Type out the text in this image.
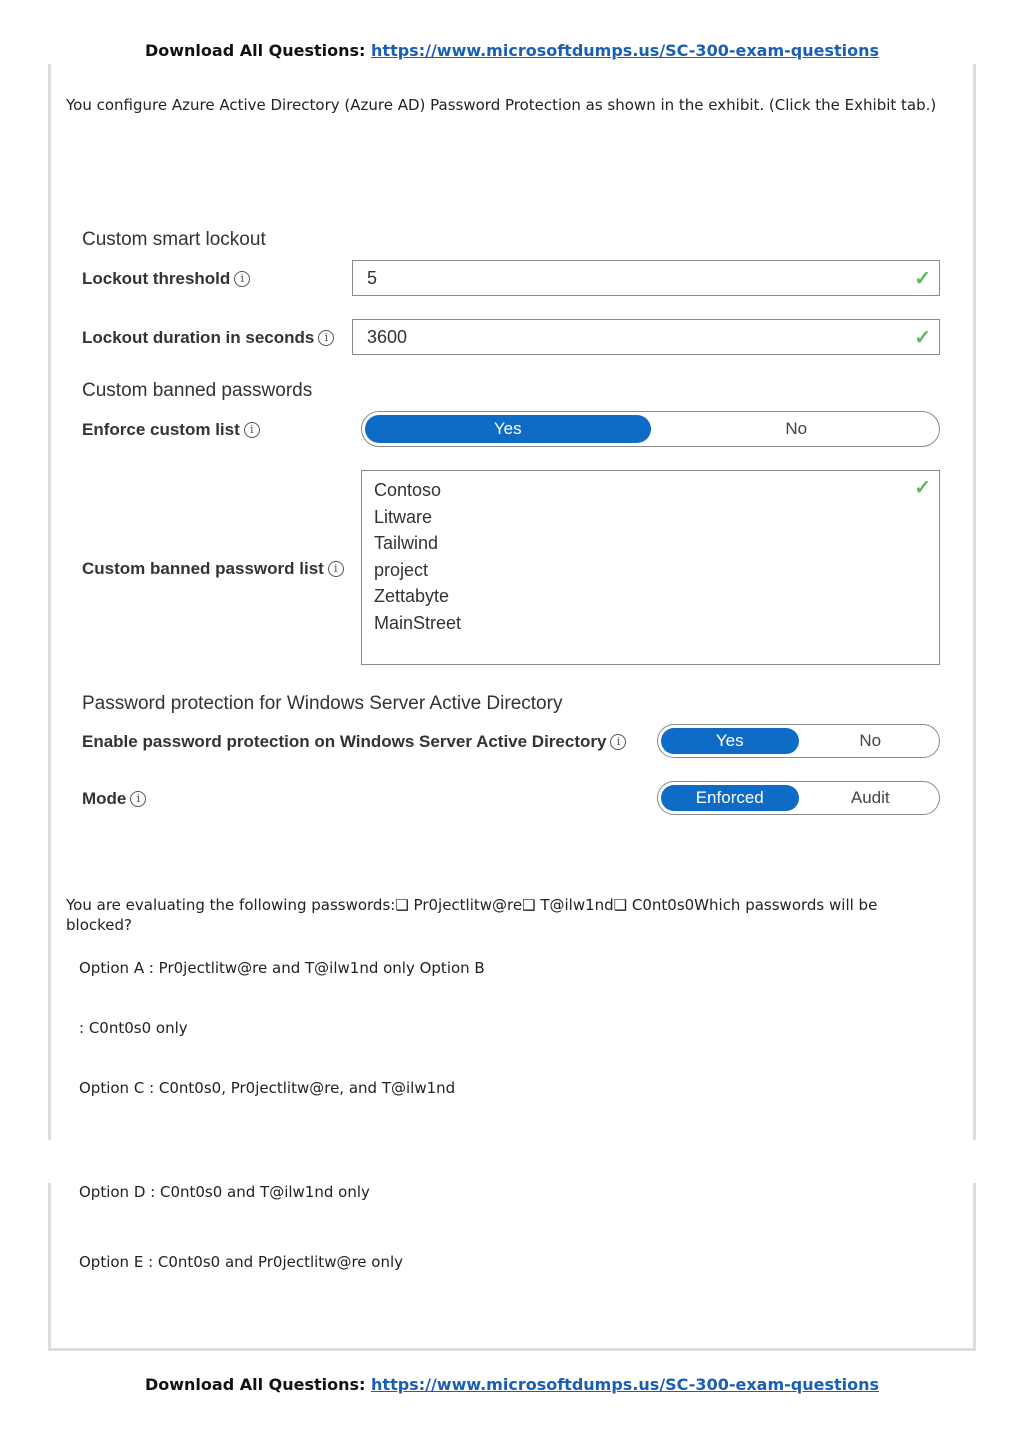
Download All Questions: https://www.microsoftdumps.us/SC-300-exam-questions
You configure Azure Active Directory (Azure AD) Password Protection as shown in the exhibit. (Click the Exhibit tab.)
Custom smart lockout
Lockout threshold i	5	✓
Lockout duration in seconds i	3600	✓
Custom banned passwords
Enforce custom list i	Yes	No
Custom banned password list i
Contoso
Litware
Tailwind
project
Zettabyte
MainStreet
✓
Password protection for Windows Server Active Directory
Enable password protection on Windows Server Active Directory i	Yes	No
Mode i	Enforced	Audit
You are evaluating the following passwords:❑ Pr0jectlitw@re❑ T@ilw1nd❑ C0nt0s0Which passwords will be blocked?
Option A : Pr0jectlitw@re and T@ilw1nd only Option B
: C0nt0s0 only
Option C : C0nt0s0, Pr0jectlitw@re, and T@ilw1nd
Option D : C0nt0s0 and T@ilw1nd only
Option E : C0nt0s0 and Pr0jectlitw@re only
Download All Questions: https://www.microsoftdumps.us/SC-300-exam-questions
